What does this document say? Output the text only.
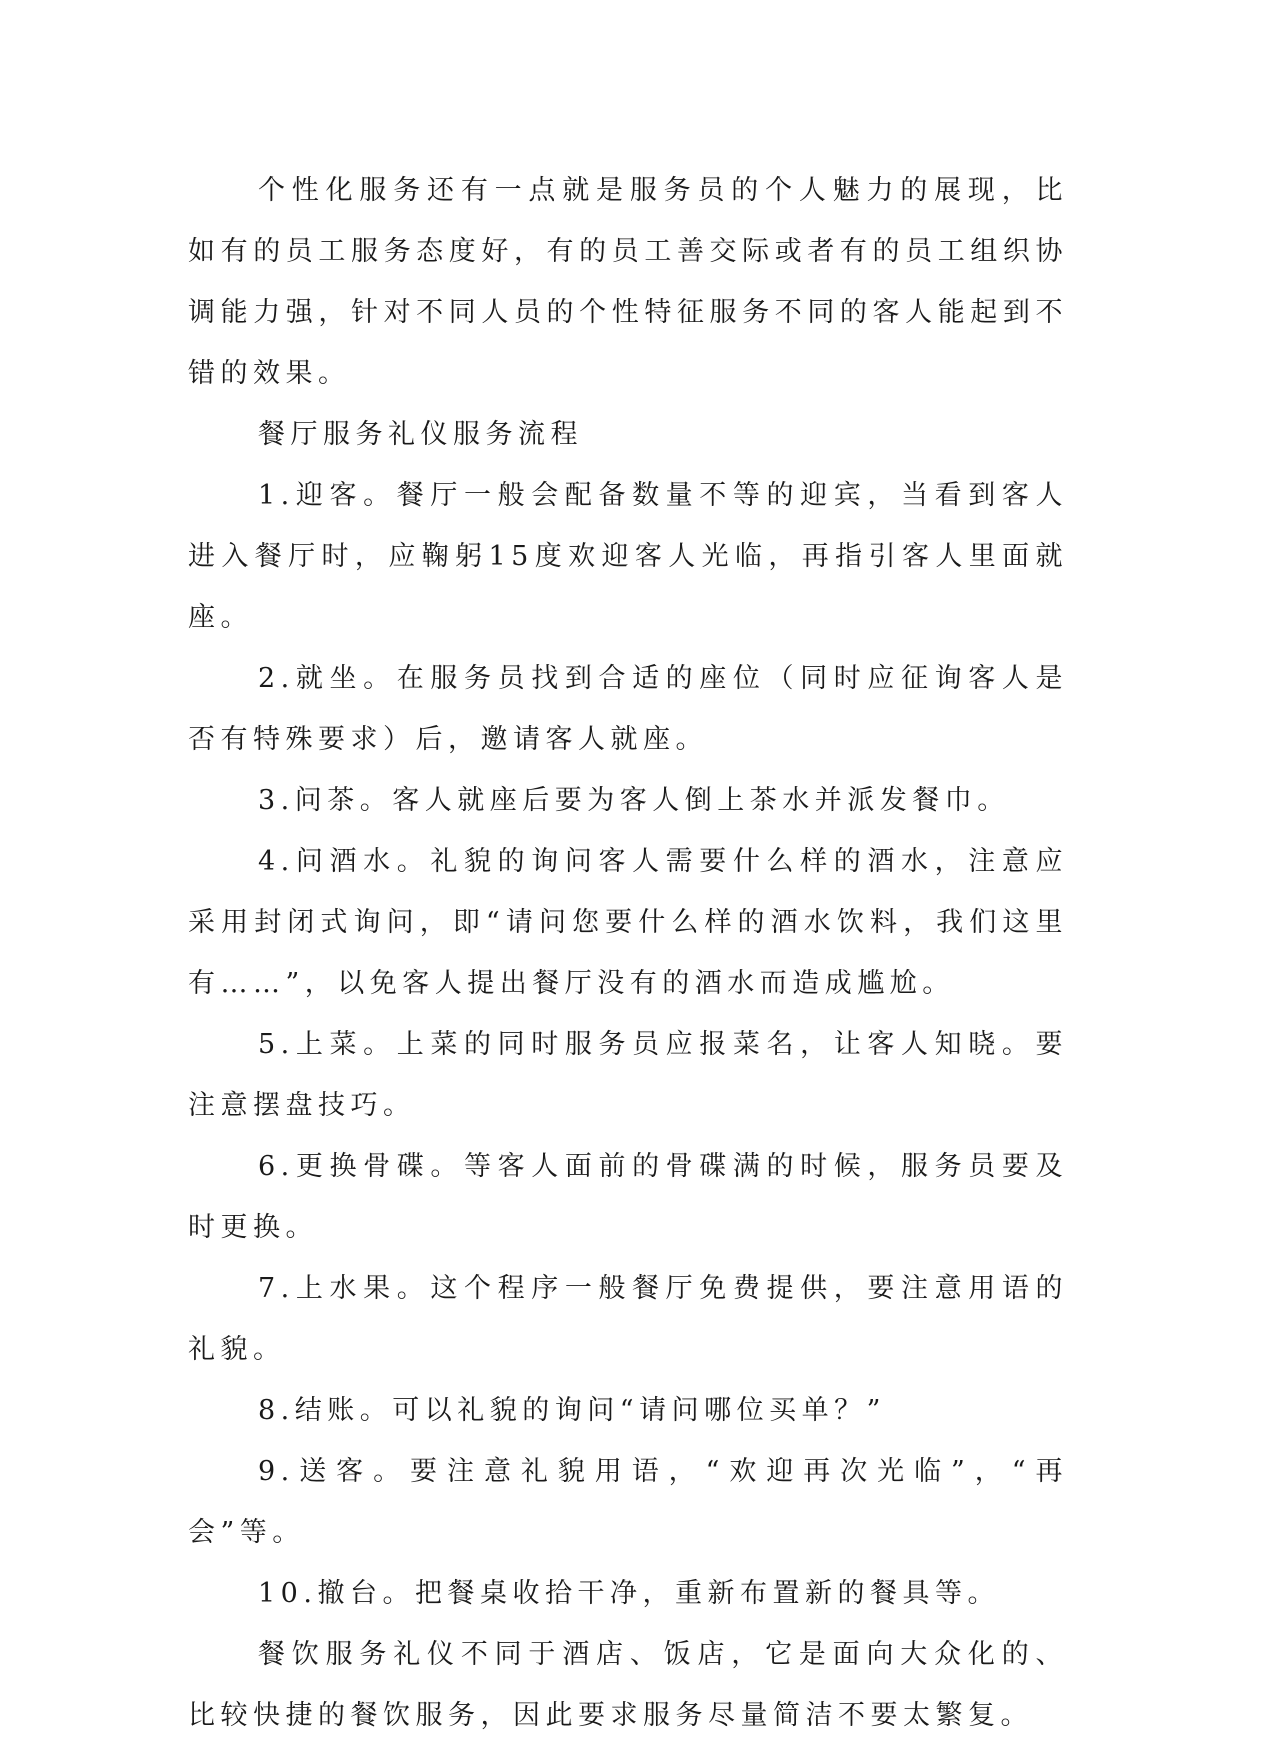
个性化服务还有一点就是服务员的个人魅力的展现，比如有的员工服务态度好，有的员工善交际或者有的员工组织协调能力强，针对不同人员的个性特征服务不同的客人能起到不错的效果。

餐厅服务礼仪服务流程

1.迎客。餐厅一般会配备数量不等的迎宾，当看到客人进入餐厅时，应鞠躬15度欢迎客人光临，再指引客人里面就座。

2.就坐。在服务员找到合适的座位（同时应征询客人是否有特殊要求）后，邀请客人就座。

3.问茶。客人就座后要为客人倒上茶水并派发餐巾。

4.问酒水。礼貌的询问客人需要什么样的酒水，注意应采用封闭式询问，即“请问您要什么样的酒水饮料，我们这里有……”，以免客人提出餐厅没有的酒水而造成尴尬。

5.上菜。上菜的同时服务员应报菜名，让客人知晓。要注意摆盘技巧。

6.更换骨碟。等客人面前的骨碟满的时候，服务员要及时更换。

7.上水果。这个程序一般餐厅免费提供，要注意用语的礼貌。

8.结账。可以礼貌的询问“请问哪位买单？”

9.送客。要注意礼貌用语，“欢迎再次光临”，“再会”等。

10.撤台。把餐桌收拾干净，重新布置新的餐具等。

餐饮服务礼仪不同于酒店、饭店，它是面向大众化的、比较快捷的餐饮服务，因此要求服务尽量简洁不要太繁复。
